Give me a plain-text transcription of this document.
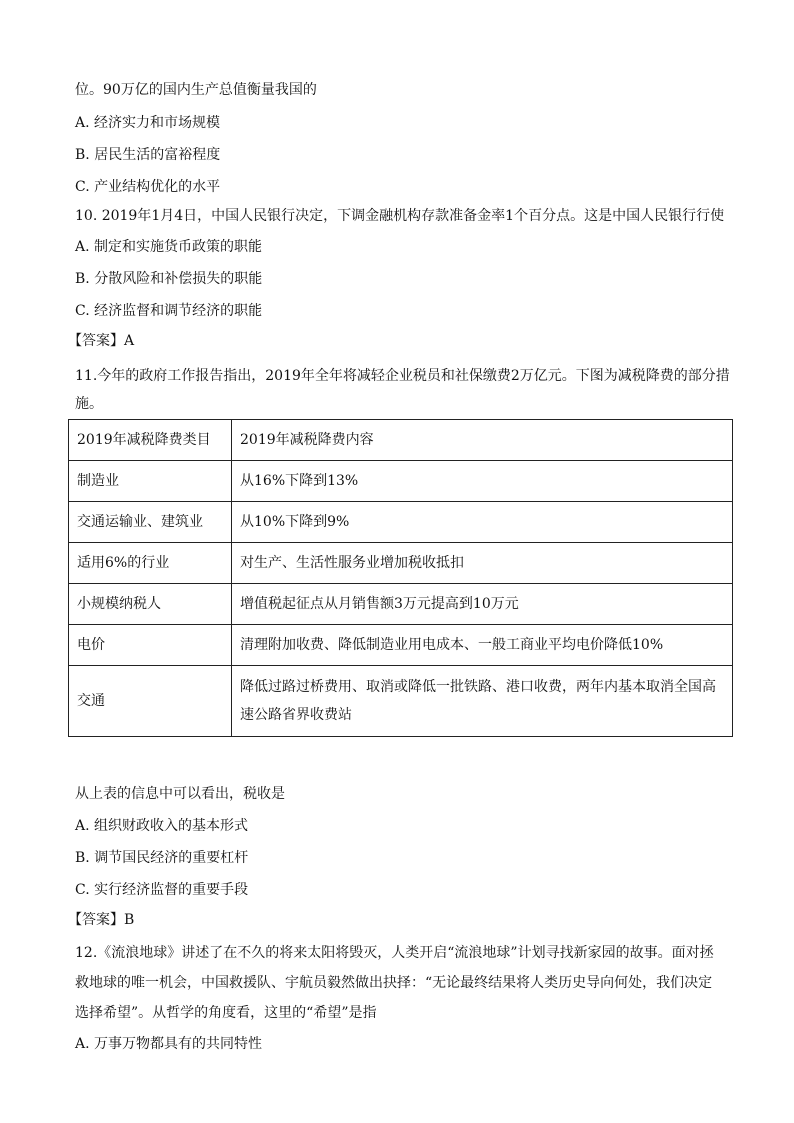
位。90万亿的国内生产总值衡量我国的
A. 经济实力和市场规模
B. 居民生活的富裕程度
C. 产业结构优化的水平
10. 2019年1月4日，中国人民银行决定，下调金融机构存款准备金率1个百分点。这是中国人民银行行使
A. 制定和实施货币政策的职能
B. 分散风险和补偿损失的职能
C. 经济监督和调节经济的职能
【答案】A
11.今年的政府工作报告指出，2019年全年将减轻企业税员和社保缴费2万亿元。下图为减税降费的部分措
施。
2019年减税降费类目	2019年减税降费内容
制造业	从16%下降到13%
交通运输业、建筑业	从10%下降到9%
适用6%的行业	对生产、生活性服务业增加税收抵扣
小规模纳税人	增值税起征点从月销售额3万元提高到10万元
电价	清理附加收费、降低制造业用电成本、一般工商业平均电价降低10%
交通	降低过路过桥费用、取消或降低一批铁路、港口收费，两年内基本取消全国高速公路省界收费站
从上表的信息中可以看出，税收是
A. 组织财政收入的基本形式
B. 调节国民经济的重要杠杆
C. 实行经济监督的重要手段
【答案】B
12.《流浪地球》讲述了在不久的将来太阳将毁灭，人类开启“流浪地球”计划寻找新家园的故事。面对拯
救地球的唯一机会，中国救援队、宇航员毅然做出抉择：“无论最终结果将人类历史导向何处，我们决定
选择希望”。从哲学的角度看，这里的“希望”是指
A. 万事万物都具有的共同特性
